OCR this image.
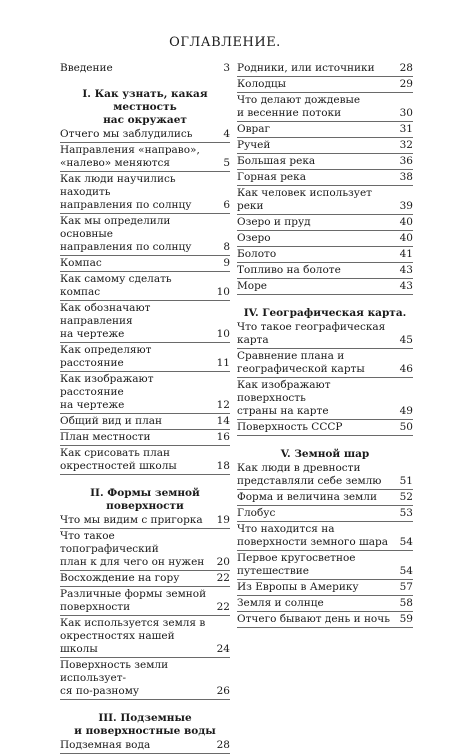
ОГЛАВЛЕНИЕ.
Введение	3
I. Как узнать, какая местность
нас окружает
Отчего мы заблудились	4
Направления «направо»,
«налево» меняются	5
Как люди научились находить
направления по солнцу	6
Как мы определили основные
направления по солнцу	8
Компас	9
Как самому сделать компас	10
Как обозначают направления
на чертеже	10
Как определяют расстояние	11
Как изображают расстояние
на чертеже	12
Общий вид и план	14
План местности	16
Как срисовать план
окрестностей школы	18
II. Формы земной поверхности
Что мы видим с пригорка	19
Что такое топографический
план к для чего он нужен	20
Восхождение на гору	22
Различные формы земной
поверхности	22
Как используется земля в
окрестностях нашей школы	24
Поверхность земли использует-
ся по-разному	26
III. Подземные
и поверхностные воды
Подземная вода	28
Родники, или источники	28
Колодцы	29
Что делают дождевые
и весенние потоки	30
Овраг	31
Ручей	32
Большая река	36
Горная река	38
Как человек использует реки	39
Озеро и пруд	40
Озеро	40
Болото	41
Топливо на болоте	43
Море	43
IV. Географическая карта.
Что такое географическая
карта	45
Сравнение плана и
географической карты	46
Как изображают поверхность
страны на карте	49
Поверхность СССР	50
V. Земной шар
Как люди в древности
представляли себе землю	51
Форма и величина земли	52
Глобус	53
Что находится на
поверхности земного шара	54
Первое кругосветное
путешествие	54
Из Европы в Америку	57
Земля и солнце	58
Отчего бывают день и ночь 59
